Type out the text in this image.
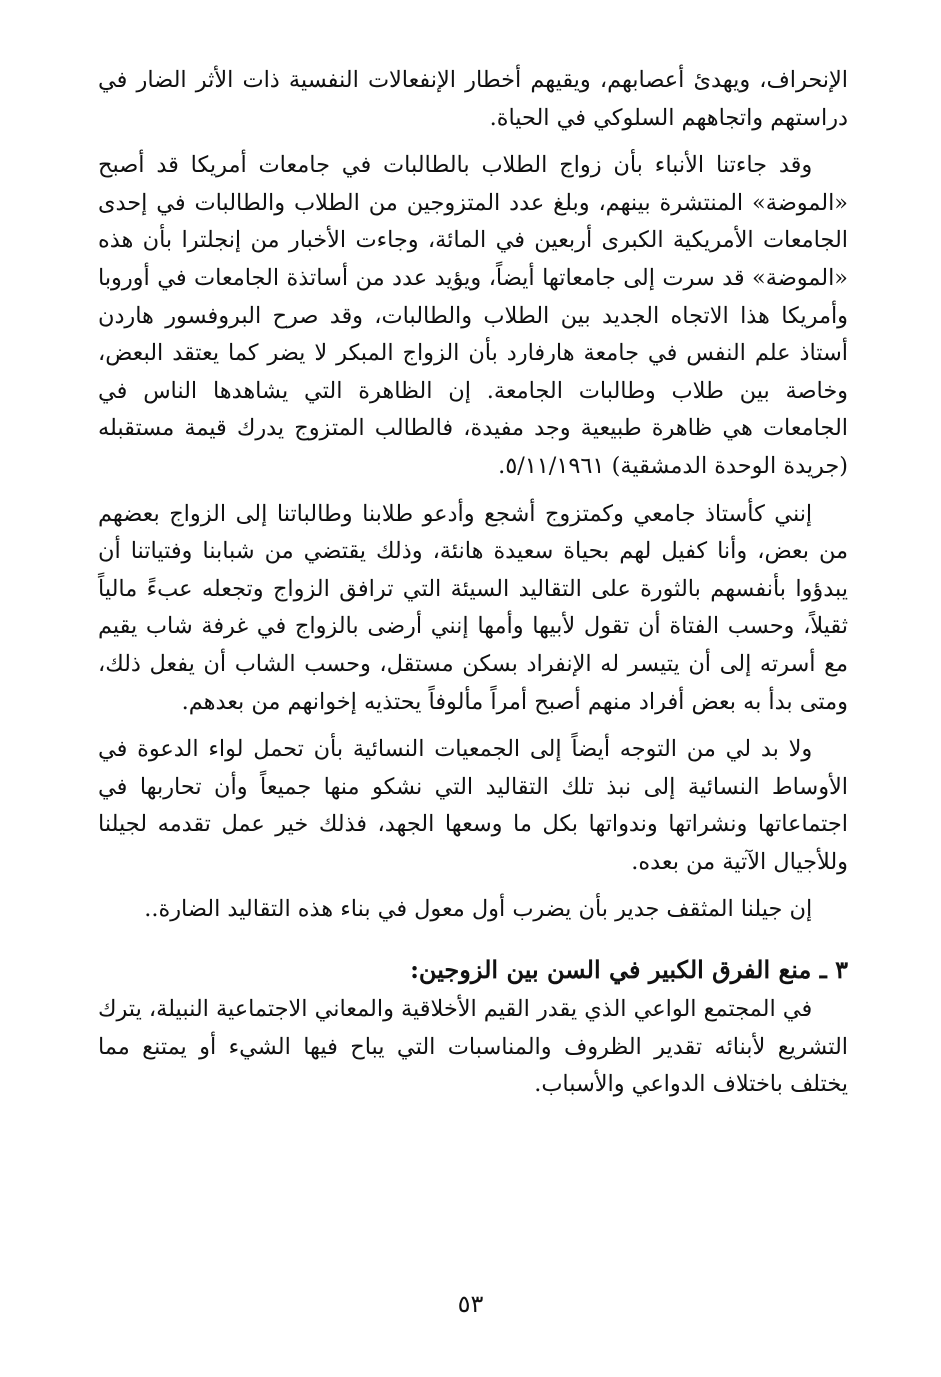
الإنحراف، ويهدئ أعصابهم، ويقيهم أخطار الإنفعالات النفسية ذات الأثر الضار في دراستهم واتجاههم السلوكي في الحياة.

وقد جاءتنا الأنباء بأن زواج الطلاب بالطالبات في جامعات أمريكا قد أصبح «الموضة» المنتشرة بينهم، وبلغ عدد المتزوجين من الطلاب والطالبات في إحدى الجامعات الأمريكية الكبرى أربعين في المائة، وجاءت الأخبار من إنجلترا بأن هذه «الموضة» قد سرت إلى جامعاتها أيضاً، ويؤيد عدد من أساتذة الجامعات في أوروبا وأمريكا هذا الاتجاه الجديد بين الطلاب والطالبات، وقد صرح البروفسور هاردن أستاذ علم النفس في جامعة هارفارد بأن الزواج المبكر لا يضر كما يعتقد البعض، وخاصة بين طلاب وطالبات الجامعة. إن الظاهرة التي يشاهدها الناس في الجامعات هي ظاهرة طبيعية وجد مفيدة، فالطالب المتزوج يدرك قيمة مستقبله (جريدة الوحدة الدمشقية) ٥/١١/١٩٦١.

إنني كأستاذ جامعي وكمتزوج أشجع وأدعو طلابنا وطالباتنا إلى الزواج بعضهم من بعض، وأنا كفيل لهم بحياة سعيدة هانئة، وذلك يقتضي من شبابنا وفتياتنا أن يبدؤوا بأنفسهم بالثورة على التقاليد السيئة التي ترافق الزواج وتجعله عبءً مالياً ثقيلاً، وحسب الفتاة أن تقول لأبيها وأمها إنني أرضى بالزواج في غرفة شاب يقيم مع أسرته إلى أن يتيسر له الإنفراد بسكن مستقل، وحسب الشاب أن يفعل ذلك، ومتى بدأ به بعض أفراد منهم أصبح أمراً مألوفاً يحتذيه إخوانهم من بعدهم.

ولا بد لي من التوجه أيضاً إلى الجمعيات النسائية بأن تحمل لواء الدعوة في الأوساط النسائية إلى نبذ تلك التقاليد التي نشكو منها جميعاً وأن تحاربها في اجتماعاتها ونشراتها وندواتها بكل ما وسعها الجهد، فذلك خير عمل تقدمه لجيلنا وللأجيال الآتية من بعده.

إن جيلنا المثقف جدير بأن يضرب أول معول في بناء هذه التقاليد الضارة..

٣ ـ منع الفرق الكبير في السن بين الزوجين:

في المجتمع الواعي الذي يقدر القيم الأخلاقية والمعاني الاجتماعية النبيلة، يترك التشريع لأبنائه تقدير الظروف والمناسبات التي يباح فيها الشيء أو يمتنع مما يختلف باختلاف الدواعي والأسباب.

٥٣
